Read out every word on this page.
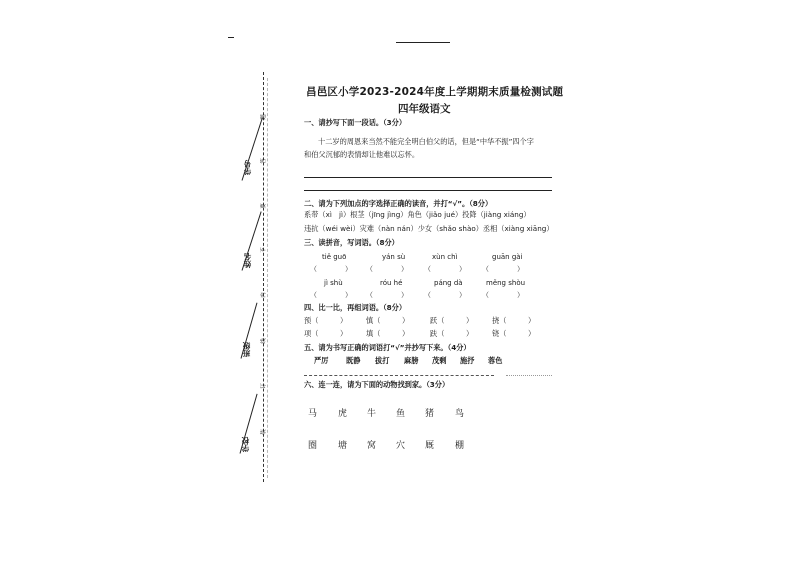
题
答
要
不
内
线
订
装
学号
姓名
班级
学校
昌邑区小学2023-2024年度上学期期末质量检测试题
四年级语文
一、请抄写下面一段话。（3分）
十二岁的周恩来当然不能完全明白伯父的话，但是“中华不振”四个字
和伯父沉郁的表情却让他难以忘怀。
二、请为下列加点的字选择正确的读音，并打“√”。（8分）
系带（xì　jì）根茎（jīng jìng）角色（jiǎo jué）投降（jiàng xiáng）
违抗（wéi wèi）灾难（nàn nán）少女（shǎo shào）丞相（xiàng xiāng）
三、读拼音，写词语。（8分）
tiě guō	yán sù	xùn chì	guān gài
（　　　　） （　　　　） （　　　　） （　　　　）
jì shù	róu hé	páng dà	měng shòu
（　　　　） （　　　　） （　　　　） （　　　　）
四、比一比，再组词语。（8分）
预（　　　）	慎（　　　）	跃（　　　）	挠（　　　）
项（　　　）	填（　　　）	趺（　　　）	铙（　　　）
五、请为书写正确的词语打“√”并抄写下来。（4分）
严厉 既静 拔打 麻膀 茂剩 施抒 蓉色
六、连一连，请为下面的动物找到家。（3分）
马 虎 牛 鱼 猪 鸟
圈 塘 窝 穴 厩 棚
